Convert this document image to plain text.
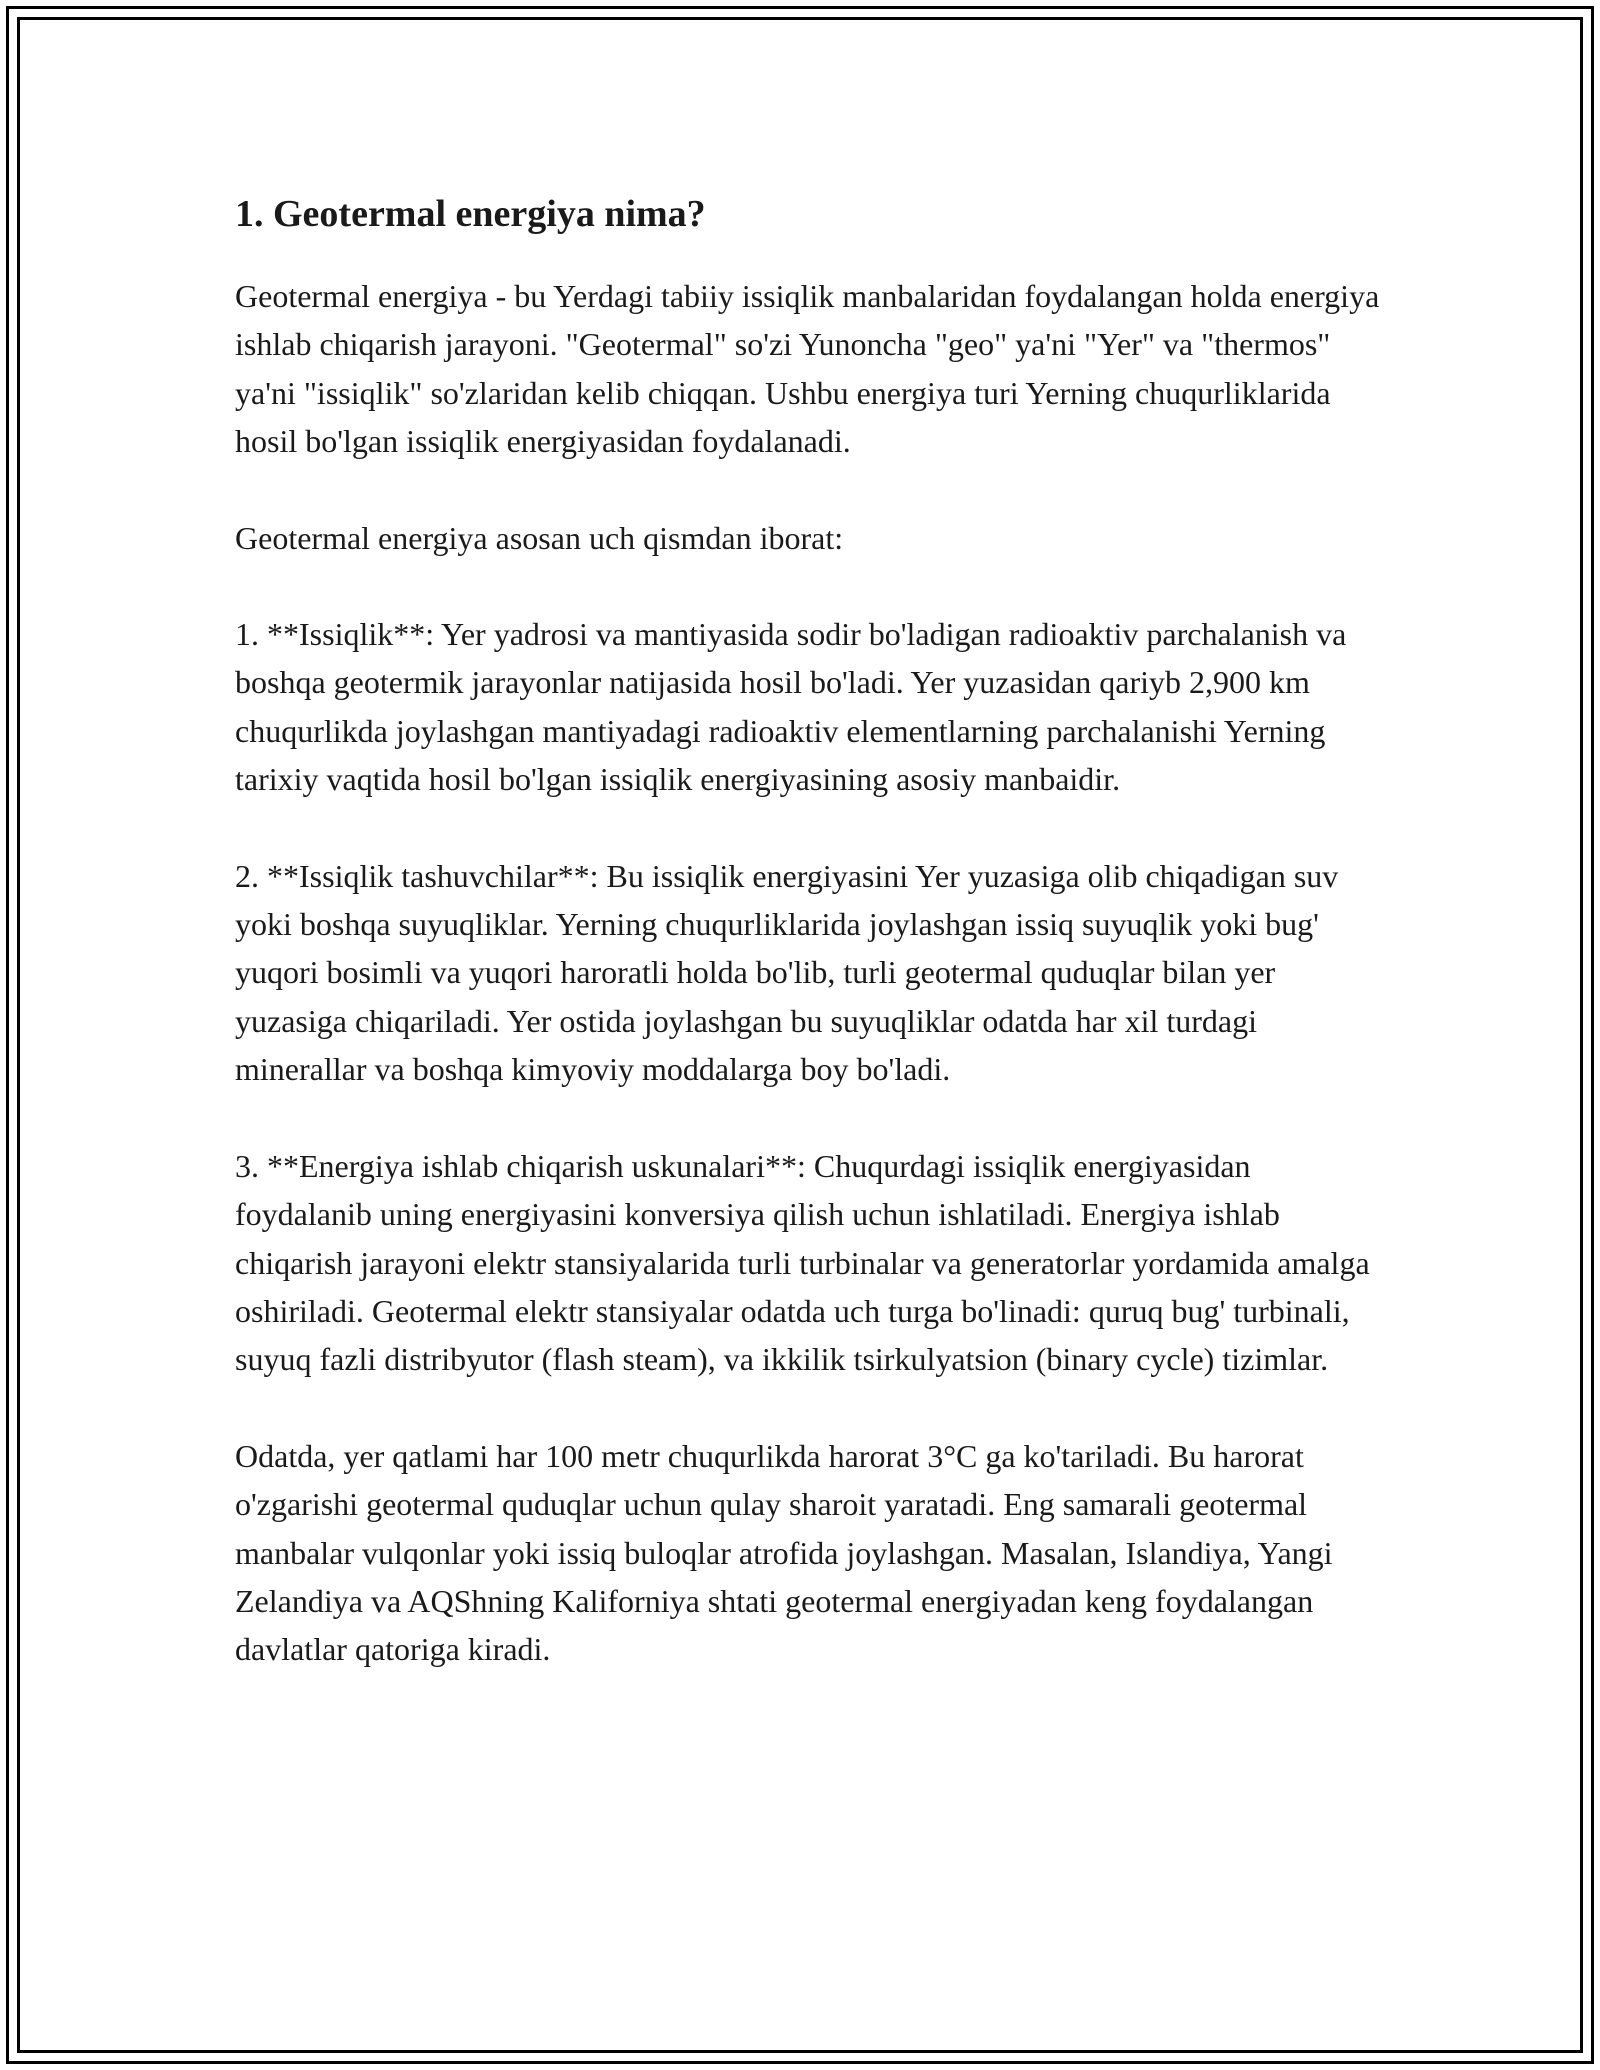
1. Geotermal energiya nima?

Geotermal energiya - bu Yerdagi tabiiy issiqlik manbalaridan foydalangan holda energiya ishlab chiqarish jarayoni. "Geotermal" so'zi Yunoncha "geo" ya'ni "Yer" va "thermos" ya'ni "issiqlik" so'zlaridan kelib chiqqan. Ushbu energiya turi Yerning chuqurliklarida hosil bo'lgan issiqlik energiyasidan foydalanadi.

Geotermal energiya asosan uch qismdan iborat:

1. **Issiqlik**: Yer yadrosi va mantiyasida sodir bo'ladigan radioaktiv parchalanish va boshqa geotermik jarayonlar natijasida hosil bo'ladi. Yer yuzasidan qariyb 2,900 km chuqurlikda joylashgan mantiyadagi radioaktiv elementlarning parchalanishi Yerning tarixiy vaqtida hosil bo'lgan issiqlik energiyasining asosiy manbaidir.

2. **Issiqlik tashuvchilar**: Bu issiqlik energiyasini Yer yuzasiga olib chiqadigan suv yoki boshqa suyuqliklar. Yerning chuqurliklarida joylashgan issiq suyuqlik yoki bug' yuqori bosimli va yuqori haroratli holda bo'lib, turli geotermal quduqlar bilan yer yuzasiga chiqariladi. Yer ostida joylashgan bu suyuqliklar odatda har xil turdagi minerallar va boshqa kimyoviy moddalarga boy bo'ladi.

3. **Energiya ishlab chiqarish uskunalari**: Chuqurdagi issiqlik energiyasidan foydalanib uning energiyasini konversiya qilish uchun ishlatiladi. Energiya ishlab chiqarish jarayoni elektr stansiyalarida turli turbinalar va generatorlar yordamida amalga oshiriladi. Geotermal elektr stansiyalar odatda uch turga bo'linadi: quruq bug' turbinali, suyuq fazli distribyutor (flash steam), va ikkilik tsirkulyatsion (binary cycle) tizimlar.

Odatda, yer qatlami har 100 metr chuqurlikda harorat 3°C ga ko'tariladi. Bu harorat o'zgarishi geotermal quduqlar uchun qulay sharoit yaratadi. Eng samarali geotermal manbalar vulqonlar yoki issiq buloqlar atrofida joylashgan. Masalan, Islandiya, Yangi Zelandiya va AQShning Kaliforniya shtati geotermal energiyadan keng foydalangan davlatlar qatoriga kiradi.
